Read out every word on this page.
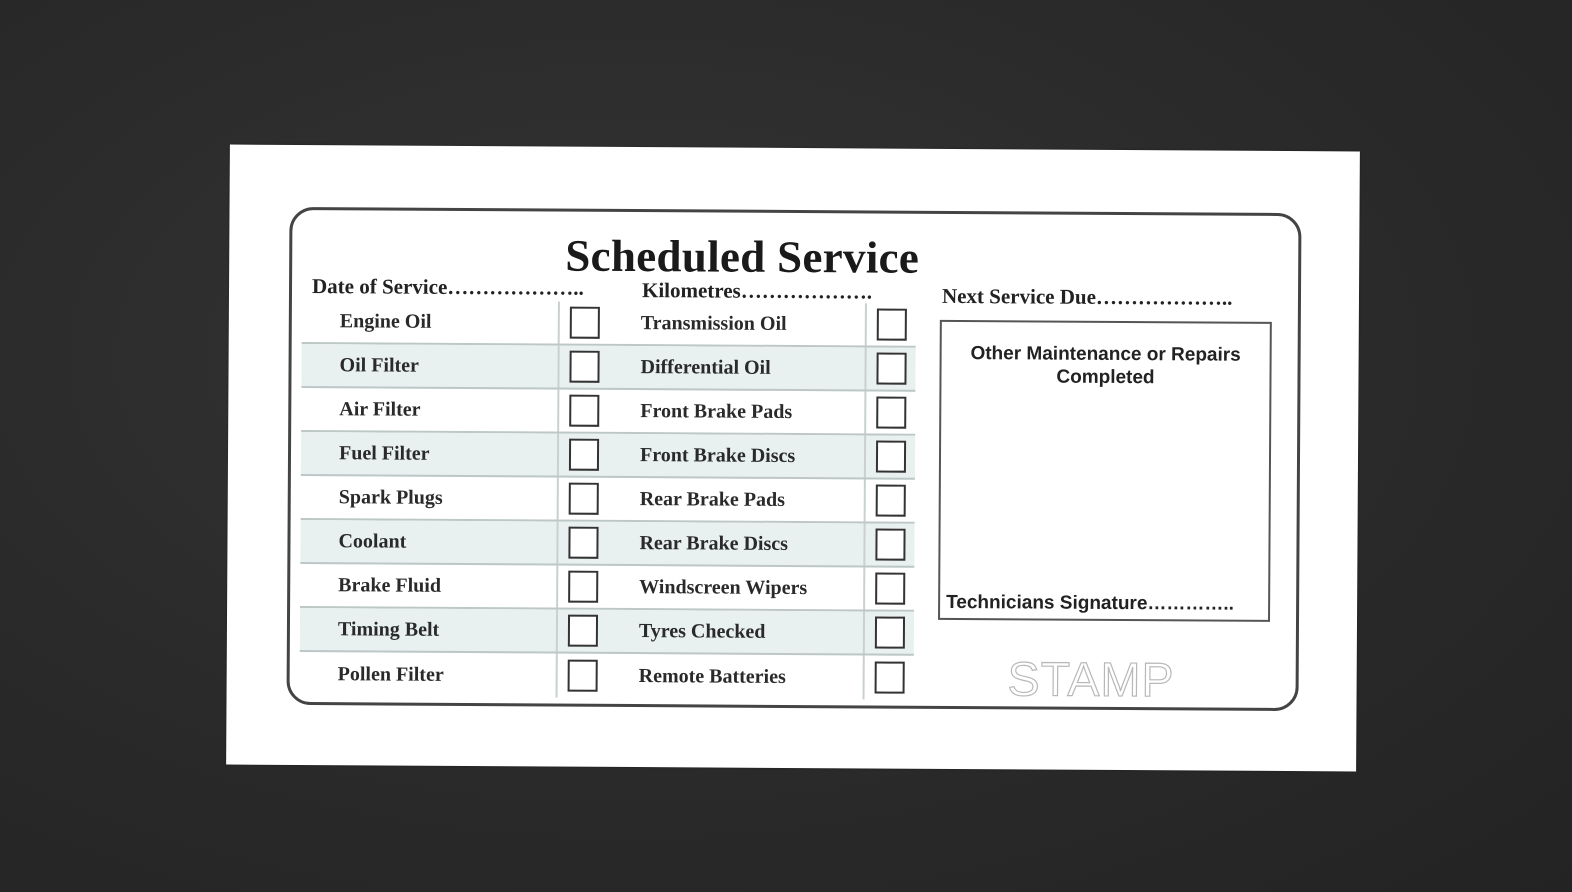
Scheduled Service
Date of Service………………..	Kilometres……………….	Next Service Due………………..
Engine Oil	Transmission Oil
Oil Filter	Differential Oil
Air Filter	Front Brake Pads
Fuel Filter	Front Brake Discs
Spark Plugs	Rear Brake Pads
Coolant	Rear Brake Discs
Brake Fluid	Windscreen Wipers
Timing Belt	Tyres Checked
Pollen Filter	Remote Batteries
Other Maintenance or Repairs
Completed
Technicians Signature…………..
STAMP
